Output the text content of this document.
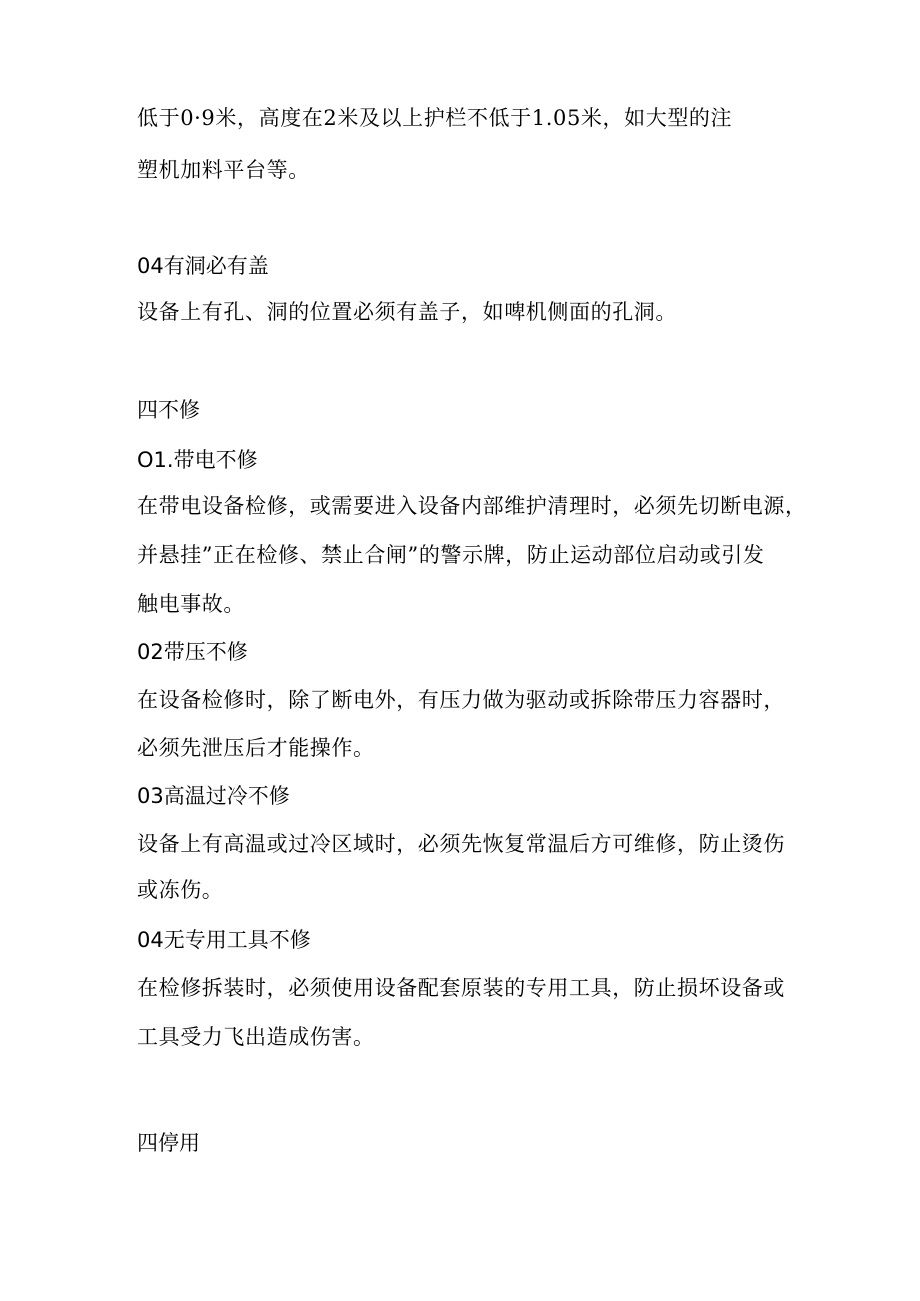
低于0·9米，高度在2米及以上护栏不低于1.05米，如大型的注
塑机加料平台等。
04有洞必有盖
设备上有孔、洞的位置必须有盖子，如啤机侧面的孔洞。
四不修
O1.带电不修
在带电设备检修，或需要进入设备内部维护清理时，必须先切断电源，
并悬挂”正在检修、禁止合闸”的警示牌，防止运动部位启动或引发
触电事故。
02带压不修
在设备检修时，除了断电外，有压力做为驱动或拆除带压力容器时，
必须先泄压后才能操作。
03高温过冷不修
设备上有高温或过冷区域时，必须先恢复常温后方可维修，防止烫伤
或冻伤。
04无专用工具不修
在检修拆装时，必须使用设备配套原装的专用工具，防止损坏设备或
工具受力飞出造成伤害。
四停用
